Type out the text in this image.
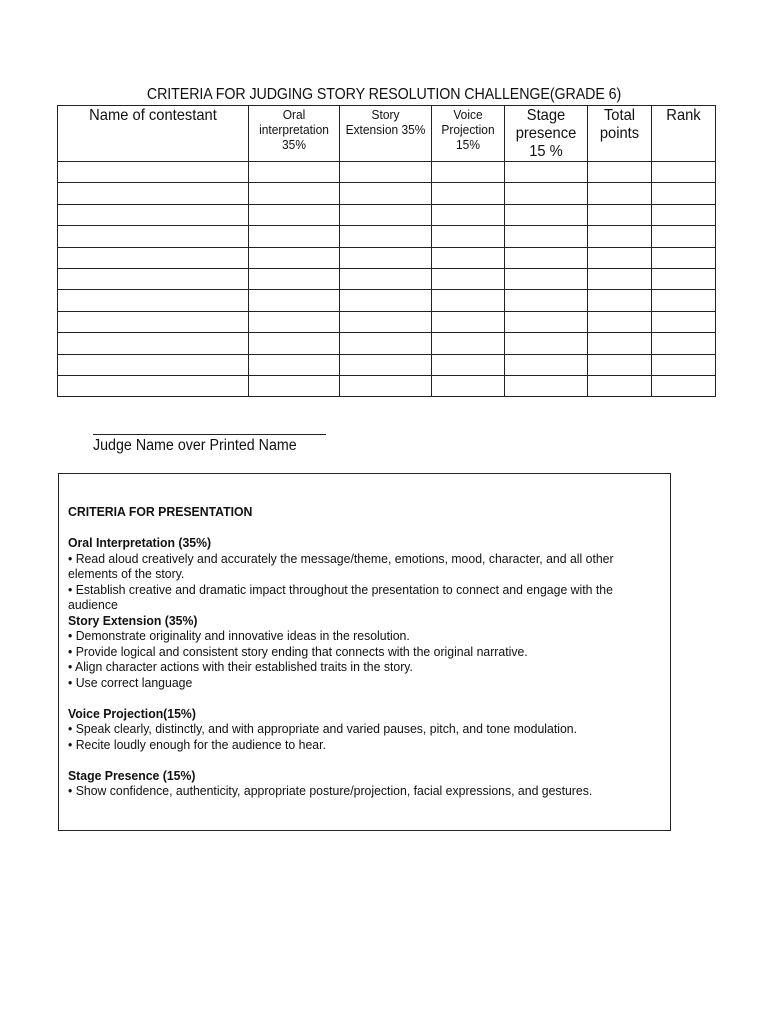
CRITERIA FOR JUDGING STORY RESOLUTION CHALLENGE(GRADE 6)
Name of contestant	Oral interpretation 35%	Story Extension 35%	Voice Projection 15%	Stage presence 15 %	Total points	Rank

Judge Name over Printed Name
CRITERIA FOR PRESENTATION
Oral Interpretation (35%)
• Read aloud creatively and accurately the message/theme, emotions, mood, character, and all other elements of the story.
• Establish creative and dramatic impact throughout the presentation to connect and engage with the audience
Story Extension (35%)
• Demonstrate originality and innovative ideas in the resolution.
• Provide logical and consistent story ending that connects with the original narrative.
• Align character actions with their established traits in the story.
• Use correct language
Voice Projection(15%)
• Speak clearly, distinctly, and with appropriate and varied pauses, pitch, and tone modulation.
• Recite loudly enough for the audience to hear.
Stage Presence (15%)
• Show confidence, authenticity, appropriate posture/projection, facial expressions, and gestures.
